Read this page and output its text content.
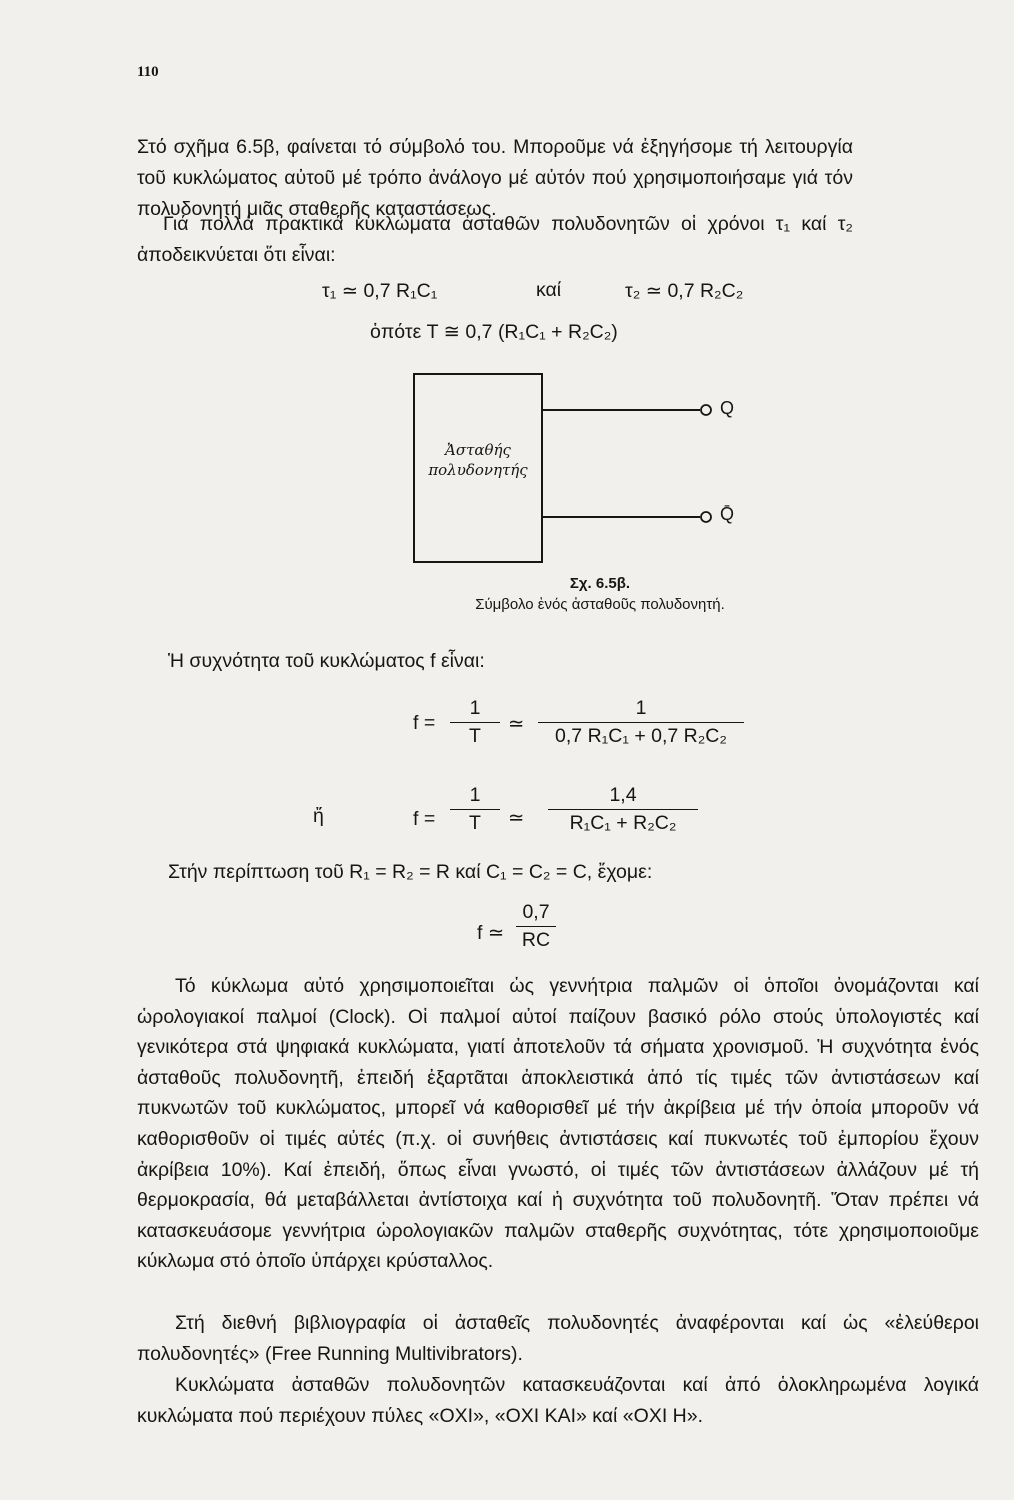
110

Στό σχῆμα 6.5β, φαίνεται τό σύμβολό του. Μποροῦμε νά ἐξηγήσομε τή λειτουργία τοῦ κυκλώματος αὐτοῦ μέ τρόπο ἀνάλογο μέ αὐτόν πού χρησιμοποιήσαμε γιά τόν πολυδονητή μιᾶς σταθερῆς καταστάσεως.

Γιά πολλά πρακτικά κυκλώματα ἀσταθῶν πολυδονητῶν οἱ χρόνοι τ₁ καί τ₂ ἀποδεικνύεται ὅτι εἶναι:

τ₁ ≃ 0,7 R₁C₁	καί	τ₂ ≃ 0,7 R₂C₂
ὁπότε T ≅ 0,7 (R₁C₁ + R₂C₂)
Ἀσταθής
πολυδονητής
Q
Q̄
Σχ. 6.5β.
Σύμβολο ἑνός ἀσταθοῦς πολυδονητή.
Ἡ συχνότητα τοῦ κυκλώματος f εἶναι:
$f = \frac{1}{T}$ ≃ $\frac{1}{\text{0,7 R₁C₁ + 0,7 R₂C₂}}$
ἤ	$f = \frac{1}{T}$ ≃ $\frac{1,4}{\text{R₁C₁ + R₂C₂}}$
Στήν περίπτωση τοῦ R₁ = R₂ = R καί C₁ = C₂ = C, ἔχομε:
f ≃ $\frac{0,7}{RC}$

Τό κύκλωμα αὐτό χρησιμοποιεῖται ὡς γεννήτρια παλμῶν οἱ ὁποῖοι ὀνομάζονται καί ὡρολογιακοί παλμοί (Clock). Οἱ παλμοί αὐτοί παίζουν βασικό ρόλο στούς ὑπολογιστές καί γενικότερα στά ψηφιακά κυκλώματα, γιατί ἀποτελοῦν τά σήματα χρονισμοῦ. Ἡ συχνότητα ἑνός ἀσταθοῦς πολυδονητῆ, ἐπειδή ἐξαρτᾶται ἀποκλειστικά ἀπό τίς τιμές τῶν ἀντιστάσεων καί πυκνωτῶν τοῦ κυκλώματος, μπορεῖ νά καθορισθεῖ μέ τήν ἀκρίβεια μέ τήν ὁποία μποροῦν νά καθορισθοῦν οἱ τιμές αὐτές (π.χ. οἱ συνήθεις ἀντιστάσεις καί πυκνωτές τοῦ ἐμπορίου ἔχουν ἀκρίβεια 10%). Καί ἐπειδή, ὅπως εἶναι γνωστό, οἱ τιμές τῶν ἀντιστάσεων ἀλλάζουν μέ τή θερμοκρασία, θά μεταβάλλεται ἀντίστοιχα καί ἡ συχνότητα τοῦ πολυδονητῆ. Ὅταν πρέπει νά κατασκευάσομε γεννήτρια ὡρολογιακῶν παλμῶν σταθερῆς συχνότητας, τότε χρησιμοποιοῦμε κύκλωμα στό ὁποῖο ὑπάρχει κρύσταλλος.

Στή διεθνή βιβλιογραφία οἱ ἀσταθεῖς πολυδονητές ἀναφέρονται καί ὡς «ἐλεύθεροι πολυδονητές» (Free Running Multivibrators).

Κυκλώματα ἀσταθῶν πολυδονητῶν κατασκευάζονται καί ἀπό ὁλοκληρωμένα λογικά κυκλώματα πού περιέχουν πύλες «ΟΧΙ», «ΟΧΙ ΚΑΙ» καί «ΟΧΙ Η».
